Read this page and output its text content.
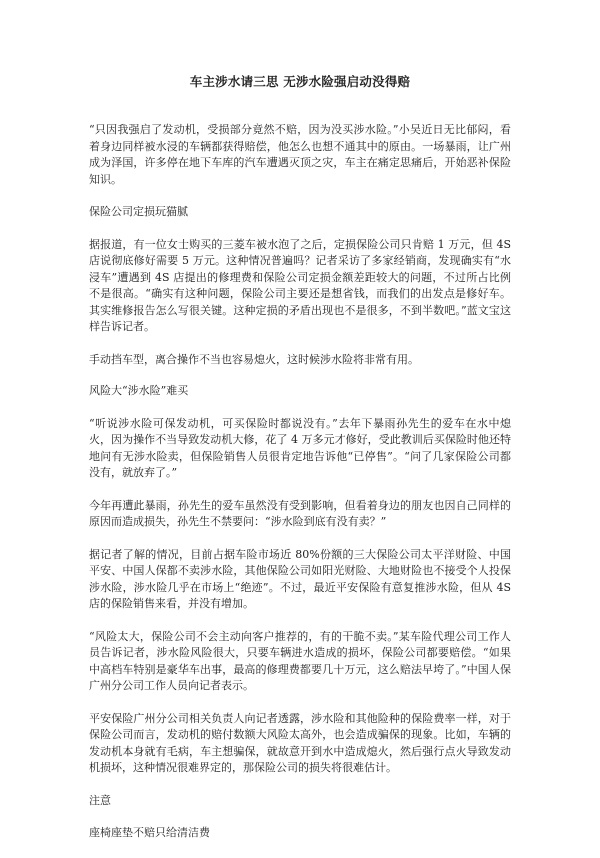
车主涉水请三思 无涉水险强启动没得赔

“只因我强启了发动机，受损部分竟然不赔，因为没买涉水险。”小吴近日无比郁闷，看着身边同样被水浸的车辆都获得赔偿，他怎么也想不通其中的原由。一场暴雨，让广州成为泽国，许多停在地下车库的汽车遭遇灭顶之灾，车主在痛定思痛后，开始恶补保险知识。

保险公司定损玩猫腻

据报道，有一位女士购买的三菱车被水泡了之后，定损保险公司只肯赔 1 万元，但 4S 店说彻底修好需要 5 万元。这种情况普遍吗？记者采访了多家经销商，发现确实有“水浸车”遭遇到 4S 店提出的修理费和保险公司定损金额差距较大的问题，不过所占比例不是很高。“确实有这种问题，保险公司主要还是想省钱，而我们的出发点是修好车。其实维修报告怎么写很关键。这种定损的矛盾出现也不是很多，不到半数吧。”蓝文宝这样告诉记者。

手动挡车型，离合操作不当也容易熄火，这时候涉水险将非常有用。

风险大“涉水险”难买

“听说涉水险可保发动机，可买保险时都说没有。”去年下暴雨孙先生的爱车在水中熄火，因为操作不当导致发动机大修，花了 4 万多元才修好，受此教训后买保险时他还特地问有无涉水险卖，但保险销售人员很肯定地告诉他“已停售”。“问了几家保险公司都没有，就放弃了。”

今年再遭此暴雨，孙先生的爱车虽然没有受到影响，但看着身边的朋友也因自己同样的原因而造成损失，孙先生不禁要问：“涉水险到底有没有卖？”

据记者了解的情况，目前占据车险市场近 80%份额的三大保险公司太平洋财险、中国平安、中国人保都不卖涉水险，其他保险公司如阳光财险、大地财险也不接受个人投保涉水险，涉水险几乎在市场上“绝迹”。不过，最近平安保险有意复推涉水险，但从 4S 店的保险销售来看，并没有增加。

“风险太大，保险公司不会主动向客户推荐的，有的干脆不卖。”某车险代理公司工作人员告诉记者，涉水险风险很大，只要车辆进水造成的损坏，保险公司都要赔偿。“如果中高档车特别是豪华车出事，最高的修理费都要几十万元，这么赔法早垮了。”中国人保广州分公司工作人员向记者表示。

平安保险广州分公司相关负责人向记者透露，涉水险和其他险种的保险费率一样，对于保险公司而言，发动机的赔付数额大风险太高外，也会造成骗保的现象。比如，车辆的发动机本身就有毛病，车主想骗保，就故意开到水中造成熄火，然后强行点火导致发动机损坏，这种情况很难界定的，那保险公司的损失将很难估计。

注意

座椅座垫不赔只给清洁费
